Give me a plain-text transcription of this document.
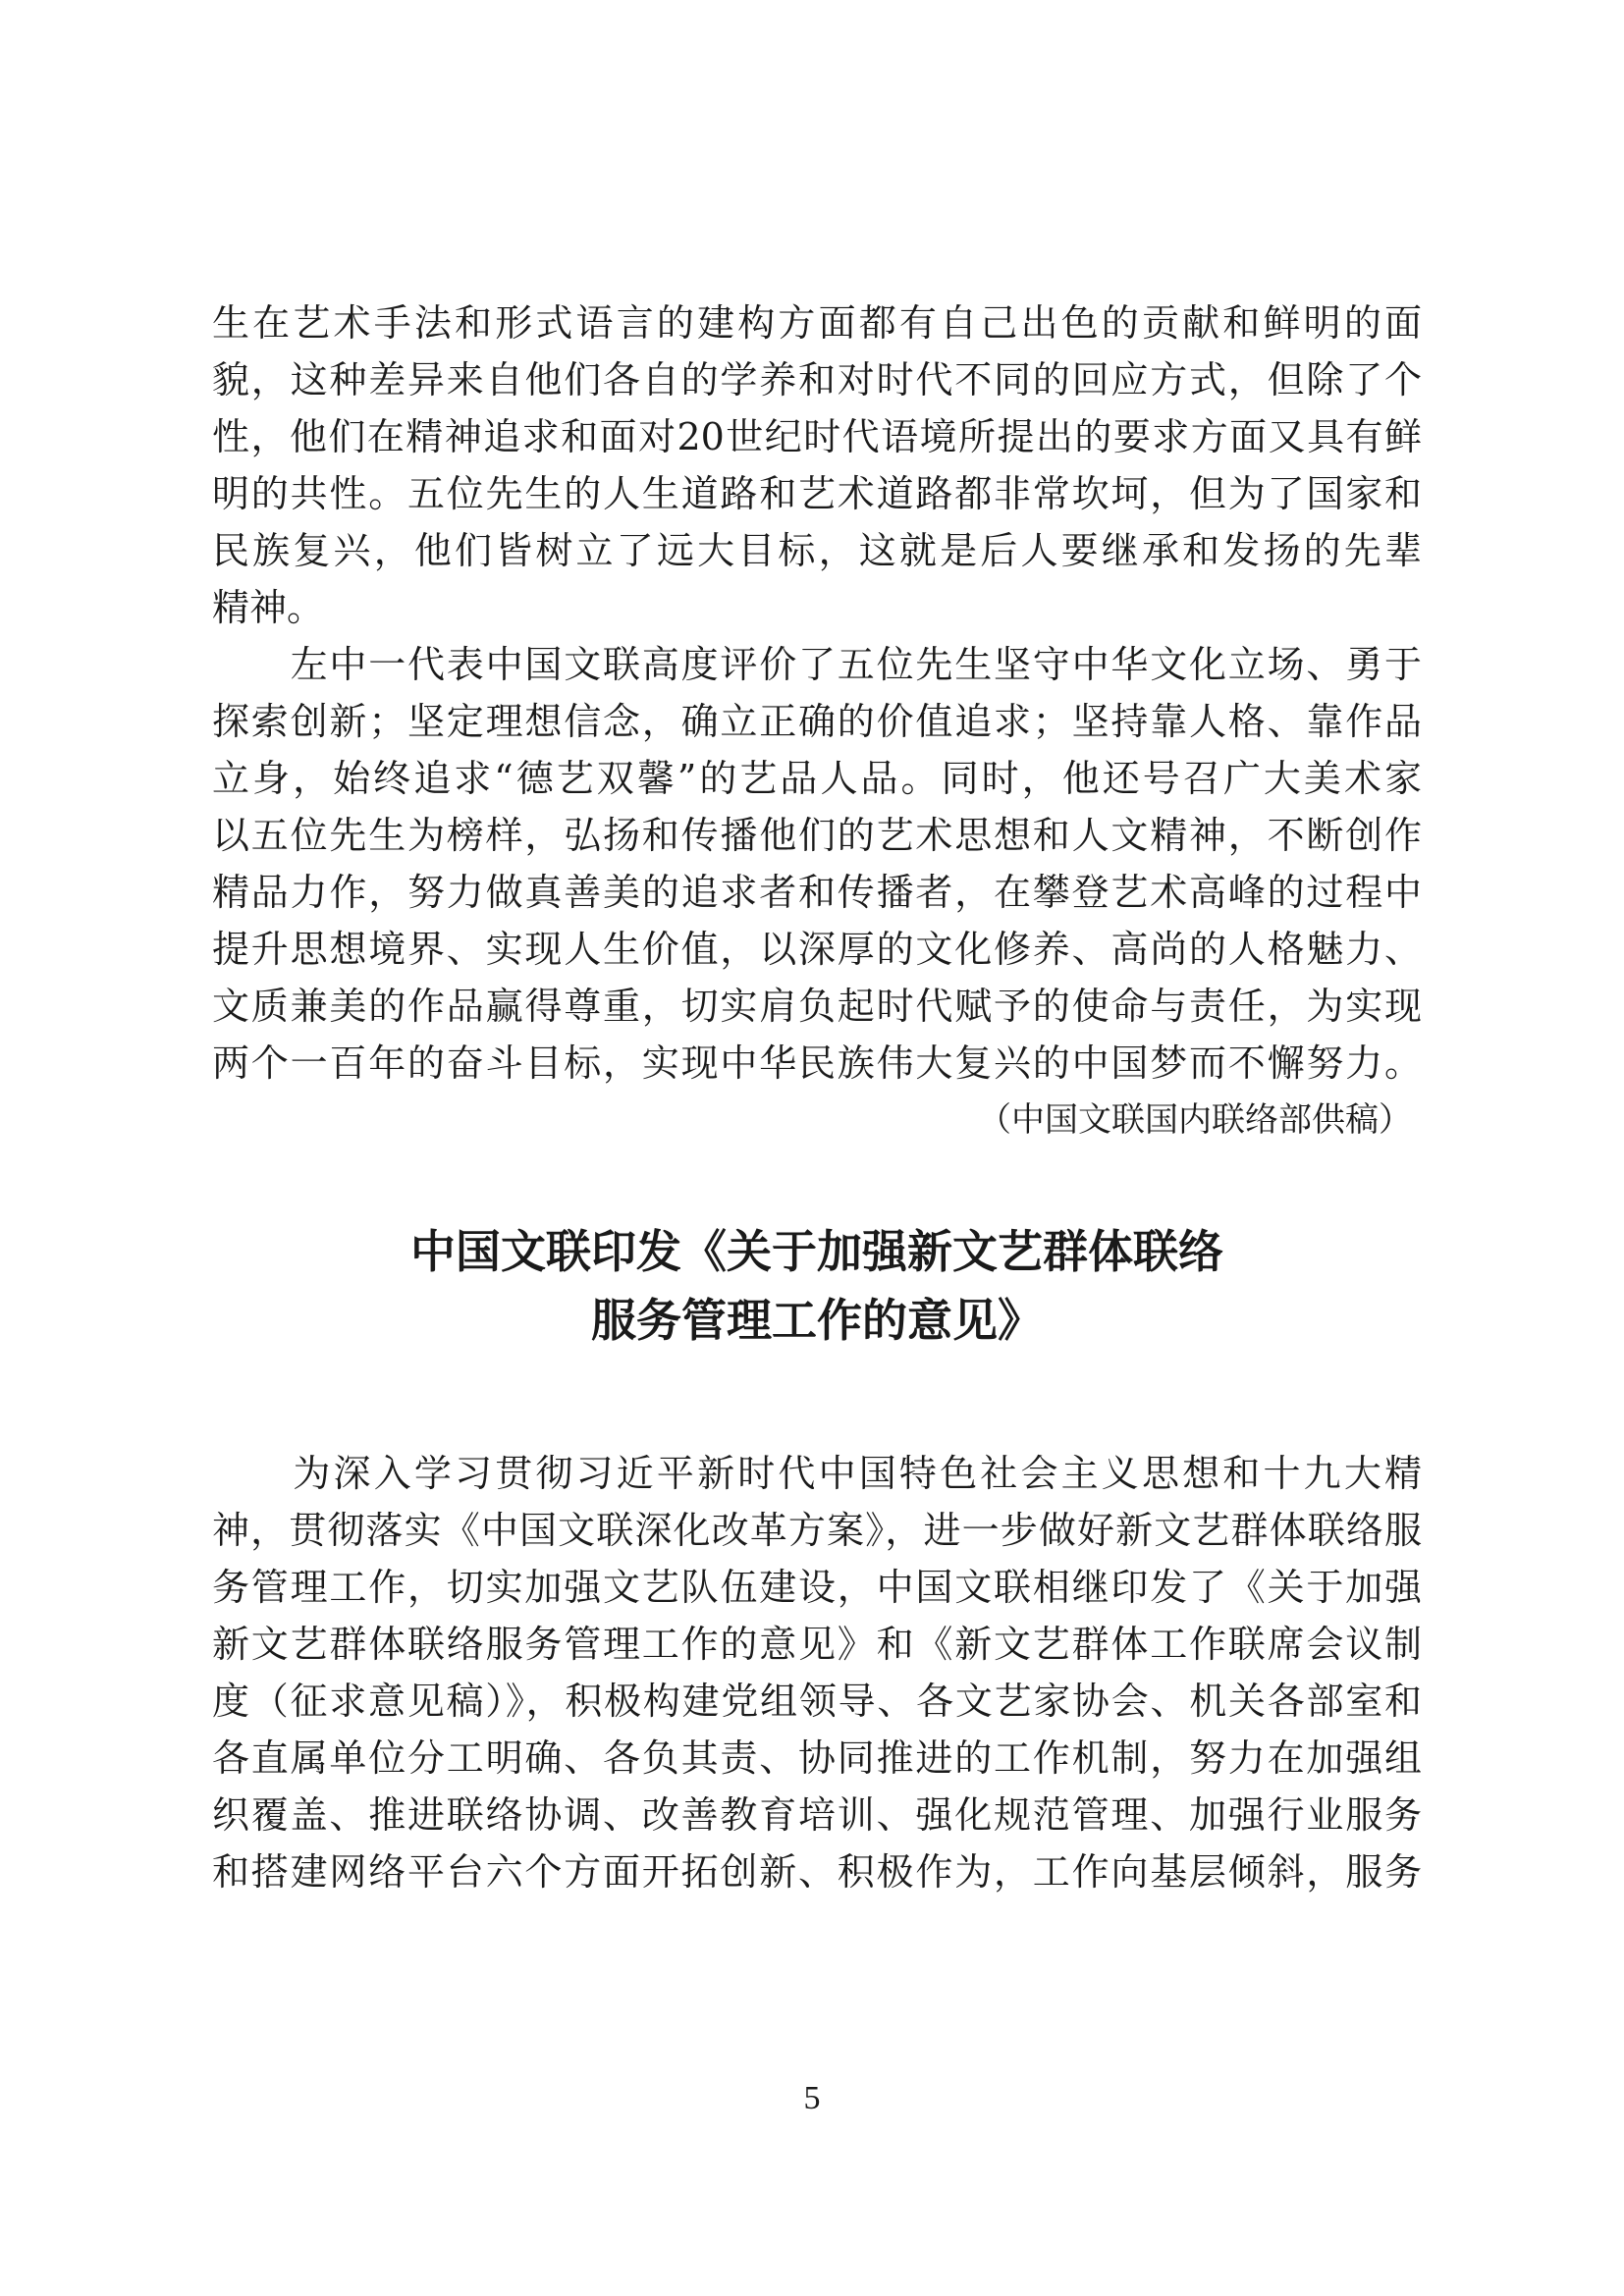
生在艺术手法和形式语言的建构方面都有自己出色的贡献和鲜明的面
貌，这种差异来自他们各自的学养和对时代不同的回应方式，但除了个
性，他们在精神追求和面对20世纪时代语境所提出的要求方面又具有鲜
明的共性。五位先生的人生道路和艺术道路都非常坎坷，但为了国家和
民族复兴，他们皆树立了远大目标，这就是后人要继承和发扬的先辈
精神。
　　左中一代表中国文联高度评价了五位先生坚守中华文化立场、勇于
探索创新；坚定理想信念，确立正确的价值追求；坚持靠人格、靠作品
立身，始终追求“德艺双馨”的艺品人品。同时，他还号召广大美术家
以五位先生为榜样，弘扬和传播他们的艺术思想和人文精神，不断创作
精品力作，努力做真善美的追求者和传播者，在攀登艺术高峰的过程中
提升思想境界、实现人生价值，以深厚的文化修养、高尚的人格魅力、
文质兼美的作品赢得尊重，切实肩负起时代赋予的使命与责任，为实现
两个一百年的奋斗目标，实现中华民族伟大复兴的中国梦而不懈努力。
（中国文联国内联络部供稿）
中国文联印发《关于加强新文艺群体联络
服务管理工作的意见》
　　为深入学习贯彻习近平新时代中国特色社会主义思想和十九大精
神，贯彻落实《中国文联深化改革方案》，进一步做好新文艺群体联络服
务管理工作，切实加强文艺队伍建设，中国文联相继印发了《关于加强
新文艺群体联络服务管理工作的意见》和《新文艺群体工作联席会议制
度（征求意见稿）》，积极构建党组领导、各文艺家协会、机关各部室和
各直属单位分工明确、各负其责、协同推进的工作机制，努力在加强组
织覆盖、推进联络协调、改善教育培训、强化规范管理、加强行业服务
和搭建网络平台六个方面开拓创新、积极作为，工作向基层倾斜，服务
5
